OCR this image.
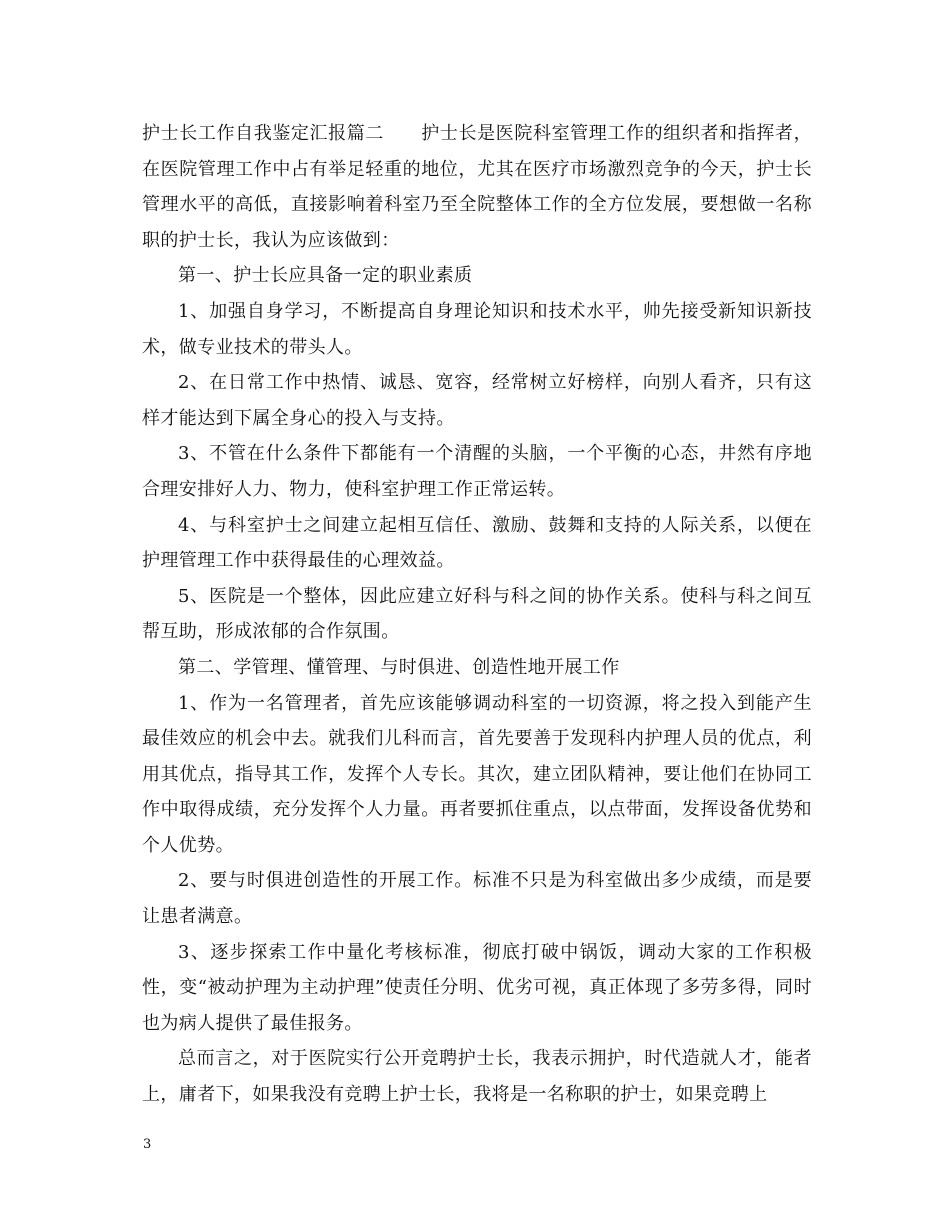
护士长工作自我鉴定汇报篇二　　护士长是医院科室管理工作的组织者和指挥者，在医院管理工作中占有举足轻重的地位，尤其在医疗市场激烈竞争的今天，护士长管理水平的高低，直接影响着科室乃至全院整体工作的全方位发展，要想做一名称职的护士长，我认为应该做到：

第一、护士长应具备一定的职业素质

1、加强自身学习，不断提高自身理论知识和技术水平，帅先接受新知识新技术，做专业技术的带头人。

2、在日常工作中热情、诚恳、宽容，经常树立好榜样，向别人看齐，只有这样才能达到下属全身心的投入与支持。

3、不管在什么条件下都能有一个清醒的头脑，一个平衡的心态，井然有序地合理安排好人力、物力，使科室护理工作正常运转。

4、与科室护士之间建立起相互信任、激励、鼓舞和支持的人际关系，以便在护理管理工作中获得最佳的心理效益。

5、医院是一个整体，因此应建立好科与科之间的协作关系。使科与科之间互帮互助，形成浓郁的合作氛围。

第二、学管理、懂管理、与时俱进、创造性地开展工作

1、作为一名管理者，首先应该能够调动科室的一切资源，将之投入到能产生最佳效应的机会中去。就我们儿科而言，首先要善于发现科内护理人员的优点，利用其优点，指导其工作，发挥个人专长。其次，建立团队精神，要让他们在协同工作中取得成绩，充分发挥个人力量。再者要抓住重点，以点带面，发挥设备优势和个人优势。

2、要与时俱进创造性的开展工作。标准不只是为科室做出多少成绩，而是要让患者满意。

3、逐步探索工作中量化考核标准，彻底打破中锅饭，调动大家的工作积极性，变“被动护理为主动护理”使责任分明、优劣可视，真正体现了多劳多得，同时也为病人提供了最佳报务。

总而言之，对于医院实行公开竞聘护士长，我表示拥护，时代造就人才，能者上，庸者下，如果我没有竞聘上护士长，我将是一名称职的护士，如果竞聘上

3
